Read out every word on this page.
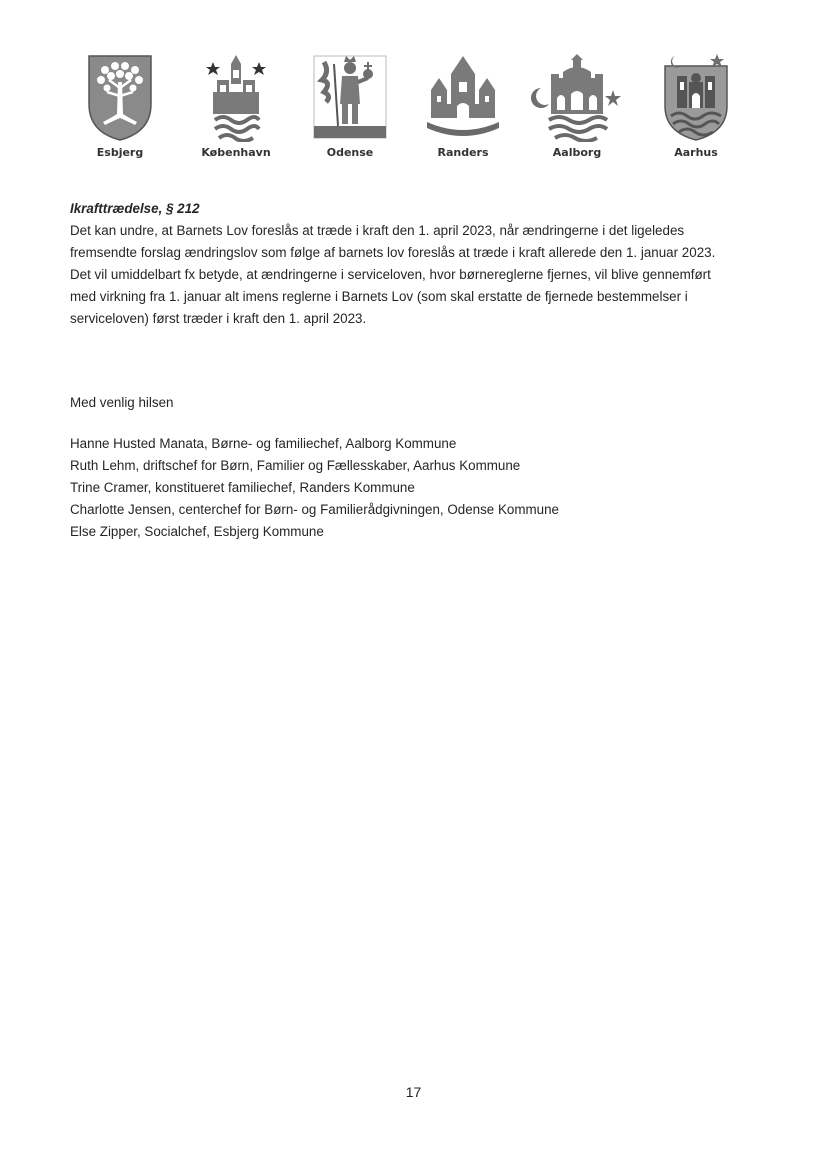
Esbjerg	København	Odense	Randers	Aalborg	Aarhus

Ikrafttrædelse, § 212

Det kan undre, at Barnets Lov foreslås at træde i kraft den 1. april 2023, når ændringerne i det ligeledes fremsendte forslag ændringslov som følge af barnets lov foreslås at træde i kraft allerede den 1. januar 2023. Det vil umiddelbart fx betyde, at ændringerne i serviceloven, hvor børnereglerne fjernes, vil blive gennemført med virkning fra 1. januar alt imens reglerne i Barnets Lov (som skal erstatte de fjernede bestemmelser i serviceloven) først træder i kraft den 1. april 2023.

Med venlig hilsen
Hanne Husted Manata, Børne- og familiechef, Aalborg Kommune
Ruth Lehm, driftschef for Børn, Familier og Fællesskaber, Aarhus Kommune
Trine Cramer, konstitueret familiechef, Randers Kommune
Charlotte Jensen, centerchef for Børn- og Familierådgivningen, Odense Kommune
Else Zipper, Socialchef, Esbjerg Kommune
17
